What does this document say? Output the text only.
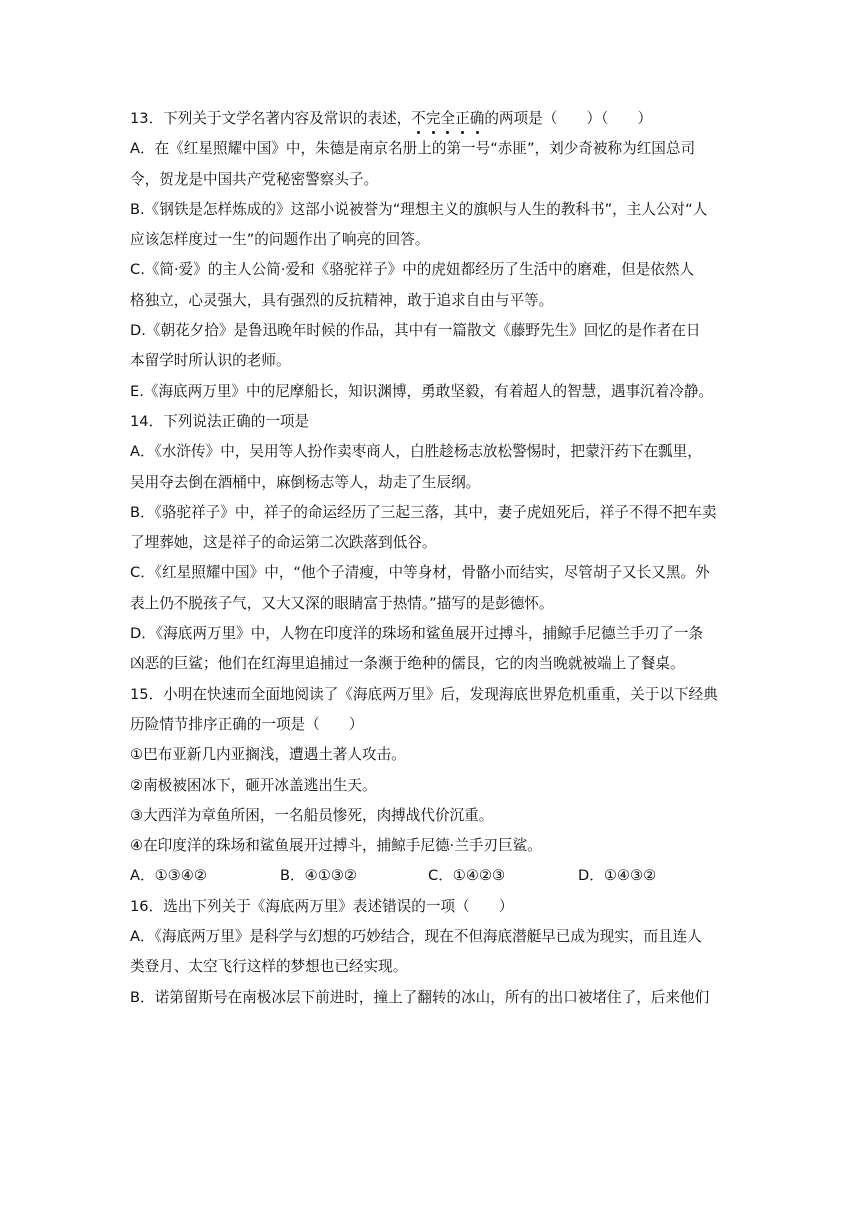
13．下列关于文学名著内容及常识的表述，不完全正确的两项是（　　）（　　）
A．在《红星照耀中国》中，朱德是南京名册上的第一号“赤匪”，刘少奇被称为红国总司
令，贺龙是中国共产党秘密警察头子。
B.《钢铁是怎样炼成的》这部小说被誉为“理想主义的旗帜与人生的教科书”，主人公对“人
应该怎样度过一生”的问题作出了响亮的回答。
C.《简·爱》的主人公简·爱和《骆驼祥子》中的虎妞都经历了生活中的磨难，但是依然人
格独立，心灵强大，具有强烈的反抗精神，敢于追求自由与平等。
D.《朝花夕拾》是鲁迅晚年时候的作品，其中有一篇散文《藤野先生》回忆的是作者在日
本留学时所认识的老师。
E.《海底两万里》中的尼摩船长，知识渊博，勇敢坚毅，有着超人的智慧，遇事沉着冷静。
14．下列说法正确的一项是
A．《水浒传》中，吴用等人扮作卖枣商人，白胜趁杨志放松警惕时，把蒙汗药下在瓢里，
吴用夺去倒在酒桶中，麻倒杨志等人，劫走了生辰纲。
B．《骆驼祥子》中，祥子的命运经历了三起三落，其中，妻子虎妞死后，祥子不得不把车卖
了埋葬她，这是祥子的命运第二次跌落到低谷。
C．《红星照耀中国》中，“他个子清瘦，中等身材，骨骼小而结实，尽管胡子又长又黑。外
表上仍不脱孩子气，又大又深的眼睛富于热情。”描写的是彭德怀。
D．《海底两万里》中，人物在印度洋的珠场和鲨鱼展开过搏斗，捕鲸手尼德兰手刃了一条
凶恶的巨鲨；他们在红海里追捕过一条濒于绝种的儒艮，它的肉当晚就被端上了餐桌。
15．小明在快速而全面地阅读了《海底两万里》后，发现海底世界危机重重，关于以下经典
历险情节排序正确的一项是（　　）
①巴布亚新几内亚搁浅，遭遇土著人攻击。
②南极被困冰下，砸开冰盖逃出生天。
③大西洋为章鱼所困，一名船员惨死，肉搏战代价沉重。
④在印度洋的珠场和鲨鱼展开过搏斗，捕鲸手尼德·兰手刃巨鲨。
A．①③④②	B．④①③②	C．①④②③	D．①④③②
16．选出下列关于《海底两万里》表述错误的一项（　　）
A．《海底两万里》是科学与幻想的巧妙结合，现在不但海底潜艇早已成为现实，而且连人
类登月、太空飞行这样的梦想也已经实现。
B．诺第留斯号在南极冰层下前进时，撞上了翻转的冰山，所有的出口被堵住了，后来他们
